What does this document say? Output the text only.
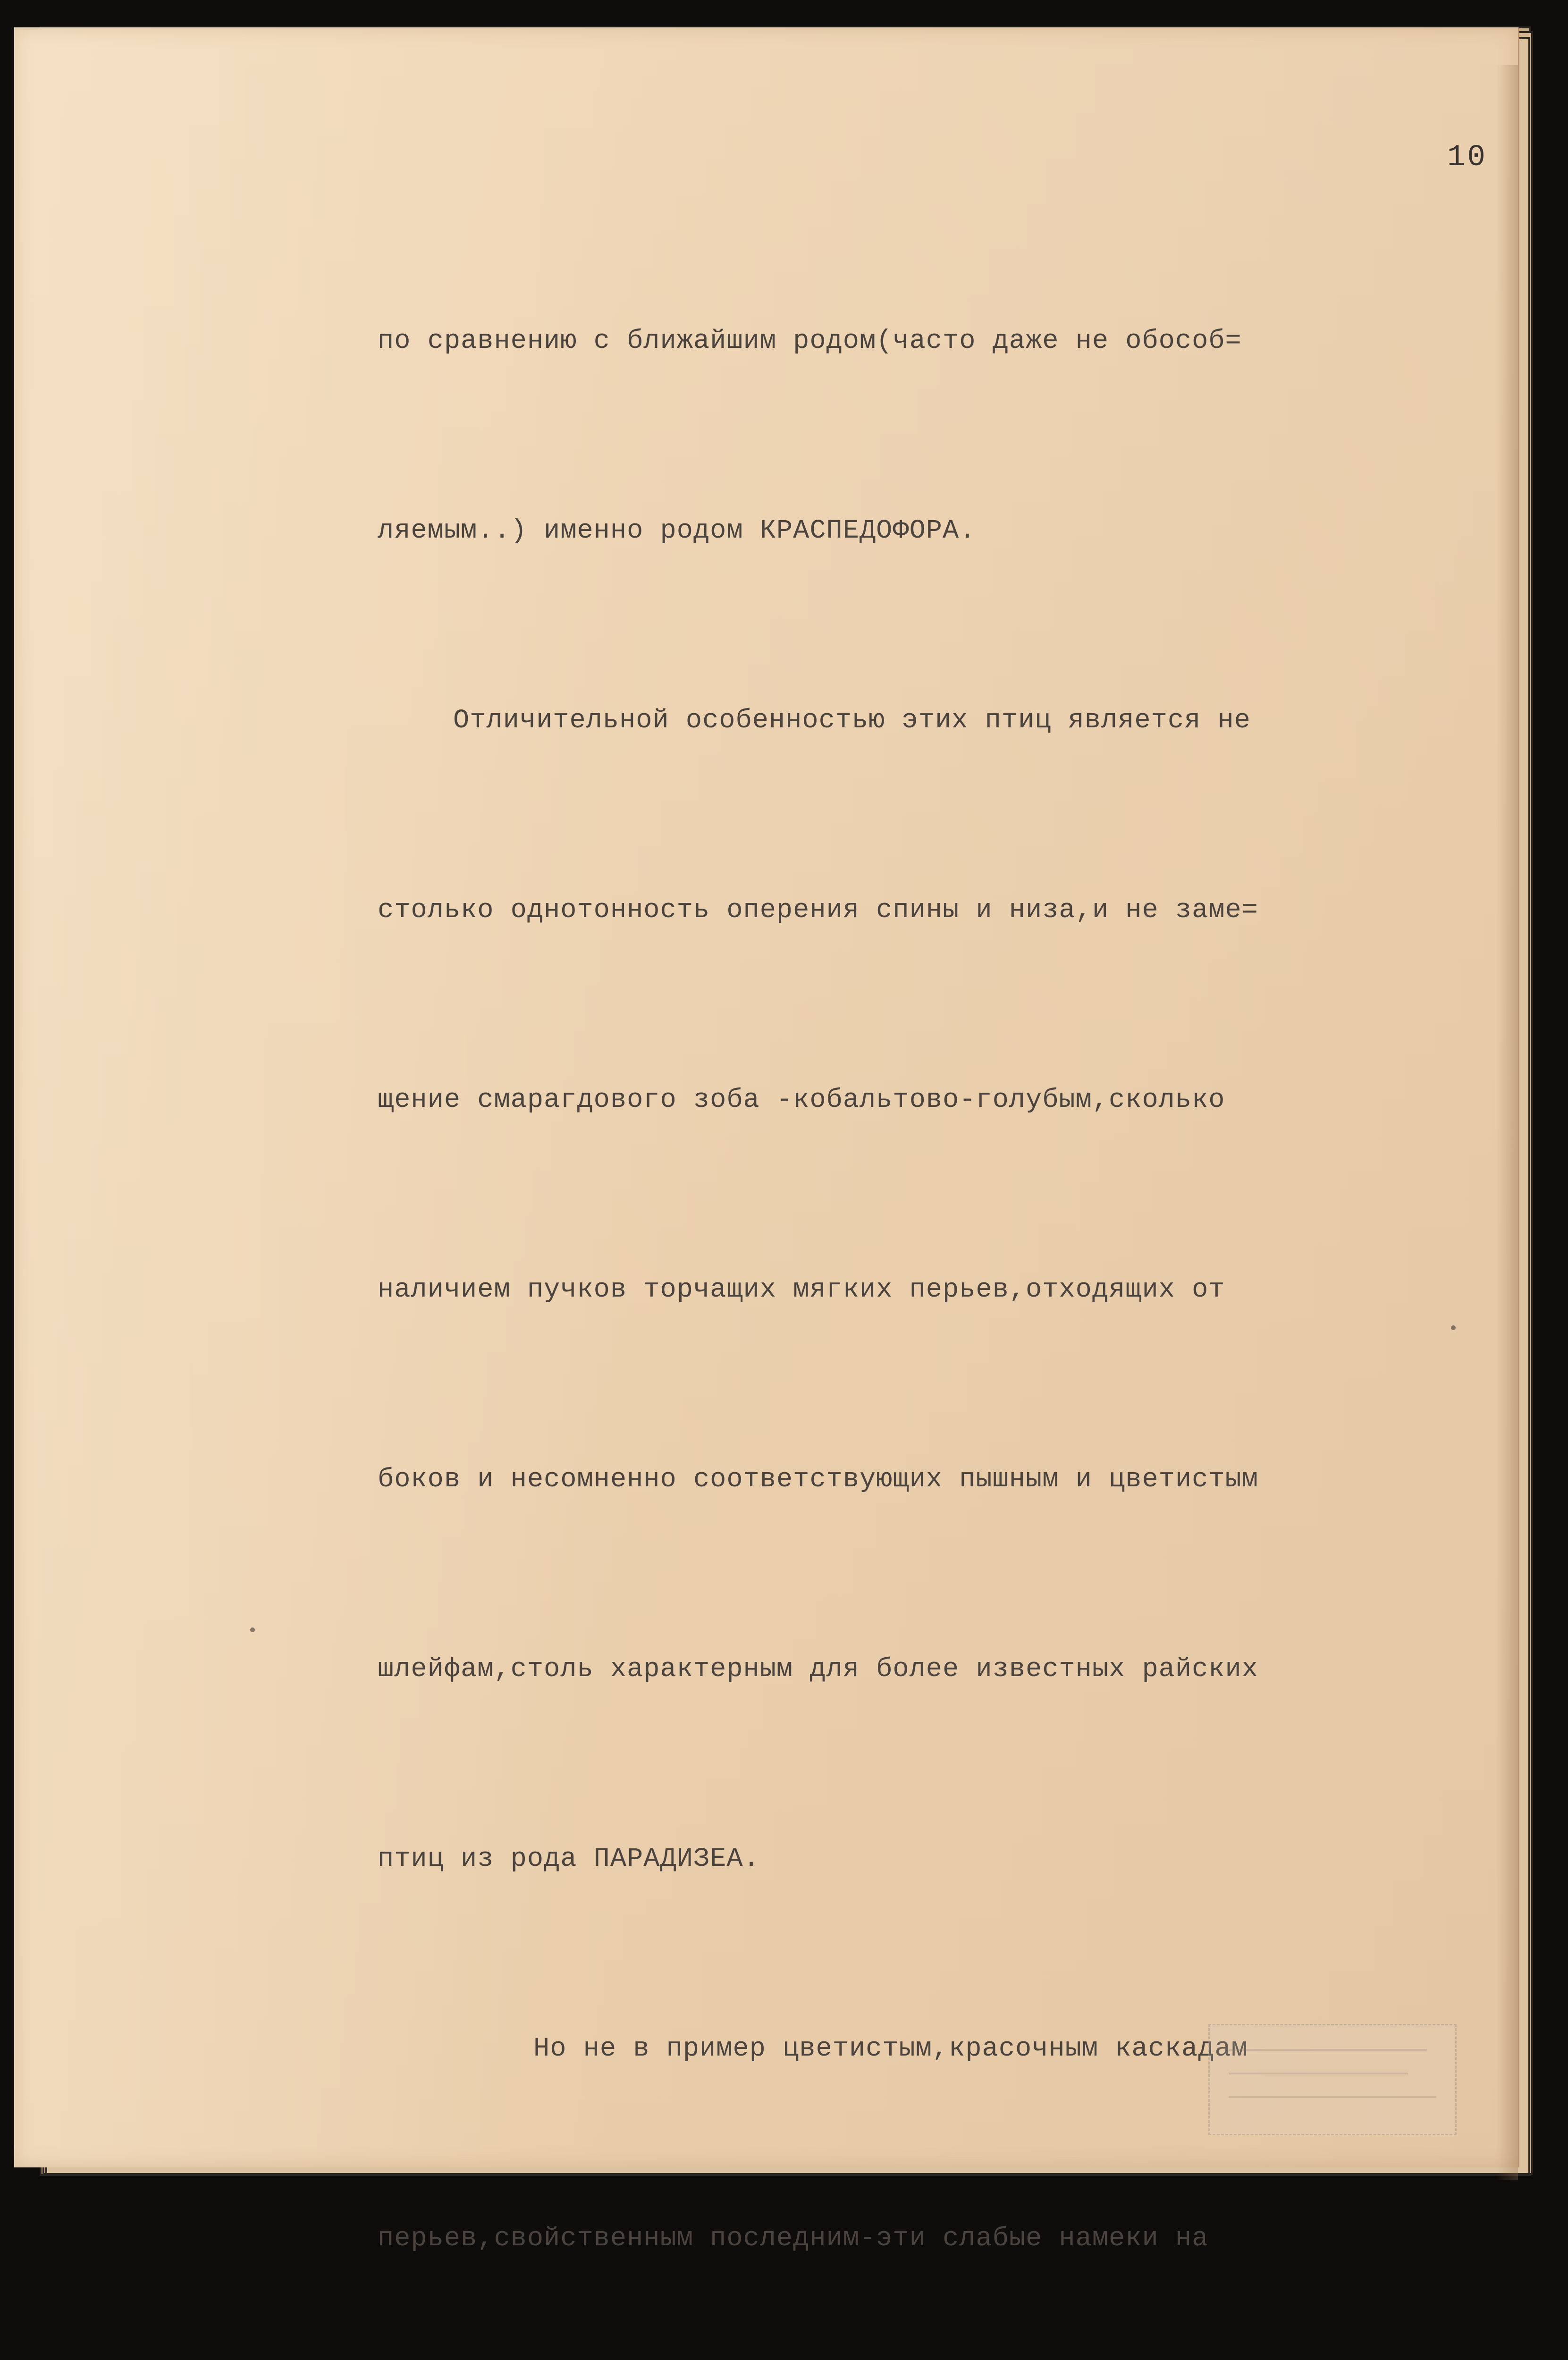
10

по сравнению с ближайшим родом(часто даже не обособ=

ляемым..) именно родом КРАСПЕДОФОРА.

Отличительной особенностью этих птиц является не

столько однотонность оперения спины и низа,и не заме=

щение смарагдового зоба -кобальтово-голубым,сколько

наличием пучков торчащих мягких перьев,отходящих от

боков и несомненно соответствующих пышным и цветистым

шлейфам,столь характерным для более известных райских

птиц из рода ПАРАДИЗЕА.

Но не в пример цветистым,красочным каскадам

перьев,свойственным последним-эти слабые намеки на
